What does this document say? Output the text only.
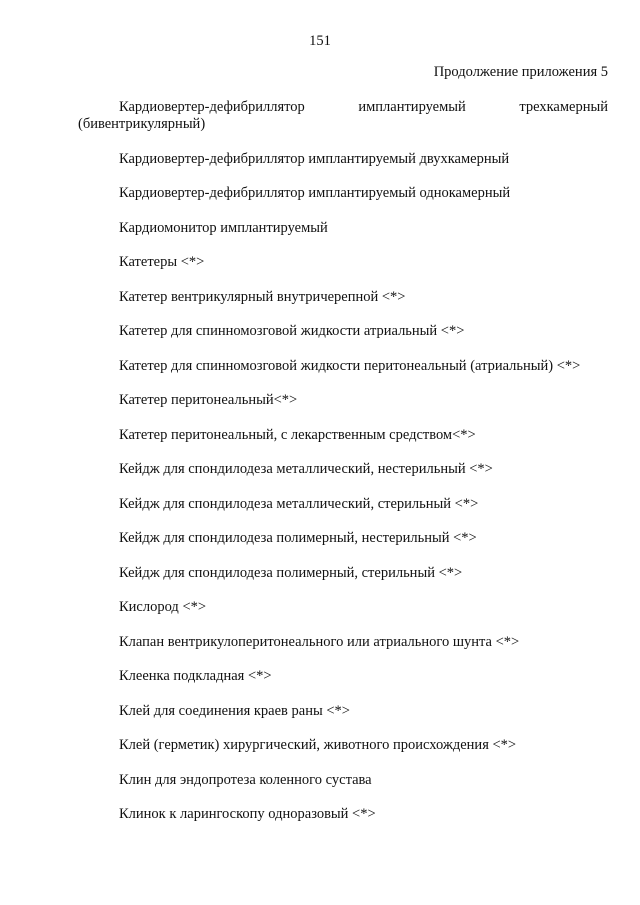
151
Продолжение приложения 5
Кардиовертер-дефибриллятор имплантируемый трехкамерный
(бивентрикулярный)
Кардиовертер-дефибриллятор имплантируемый двухкамерный
Кардиовертер-дефибриллятор имплантируемый однокамерный
Кардиомонитор имплантируемый
Катетеры <*>
Катетер вентрикулярный внутричерепной <*>
Катетер для спинномозговой жидкости атриальный <*>
Катетер для спинномозговой жидкости перитонеальный (атриальный) <*>
Катетер перитонеальный<*>
Катетер перитонеальный, с лекарственным средством<*>
Кейдж для спондилодеза металлический, нестерильный <*>
Кейдж для спондилодеза металлический, стерильный <*>
Кейдж для спондилодеза полимерный, нестерильный <*>
Кейдж для спондилодеза полимерный, стерильный <*>
Кислород <*>
Клапан вентрикулоперитонеального или атриального шунта <*>
Клеенка подкладная <*>
Клей для соединения краев раны <*>
Клей (герметик) хирургический, животного происхождения <*>
Клин для эндопротеза коленного сустава
Клинок к ларингоскопу одноразовый <*>
